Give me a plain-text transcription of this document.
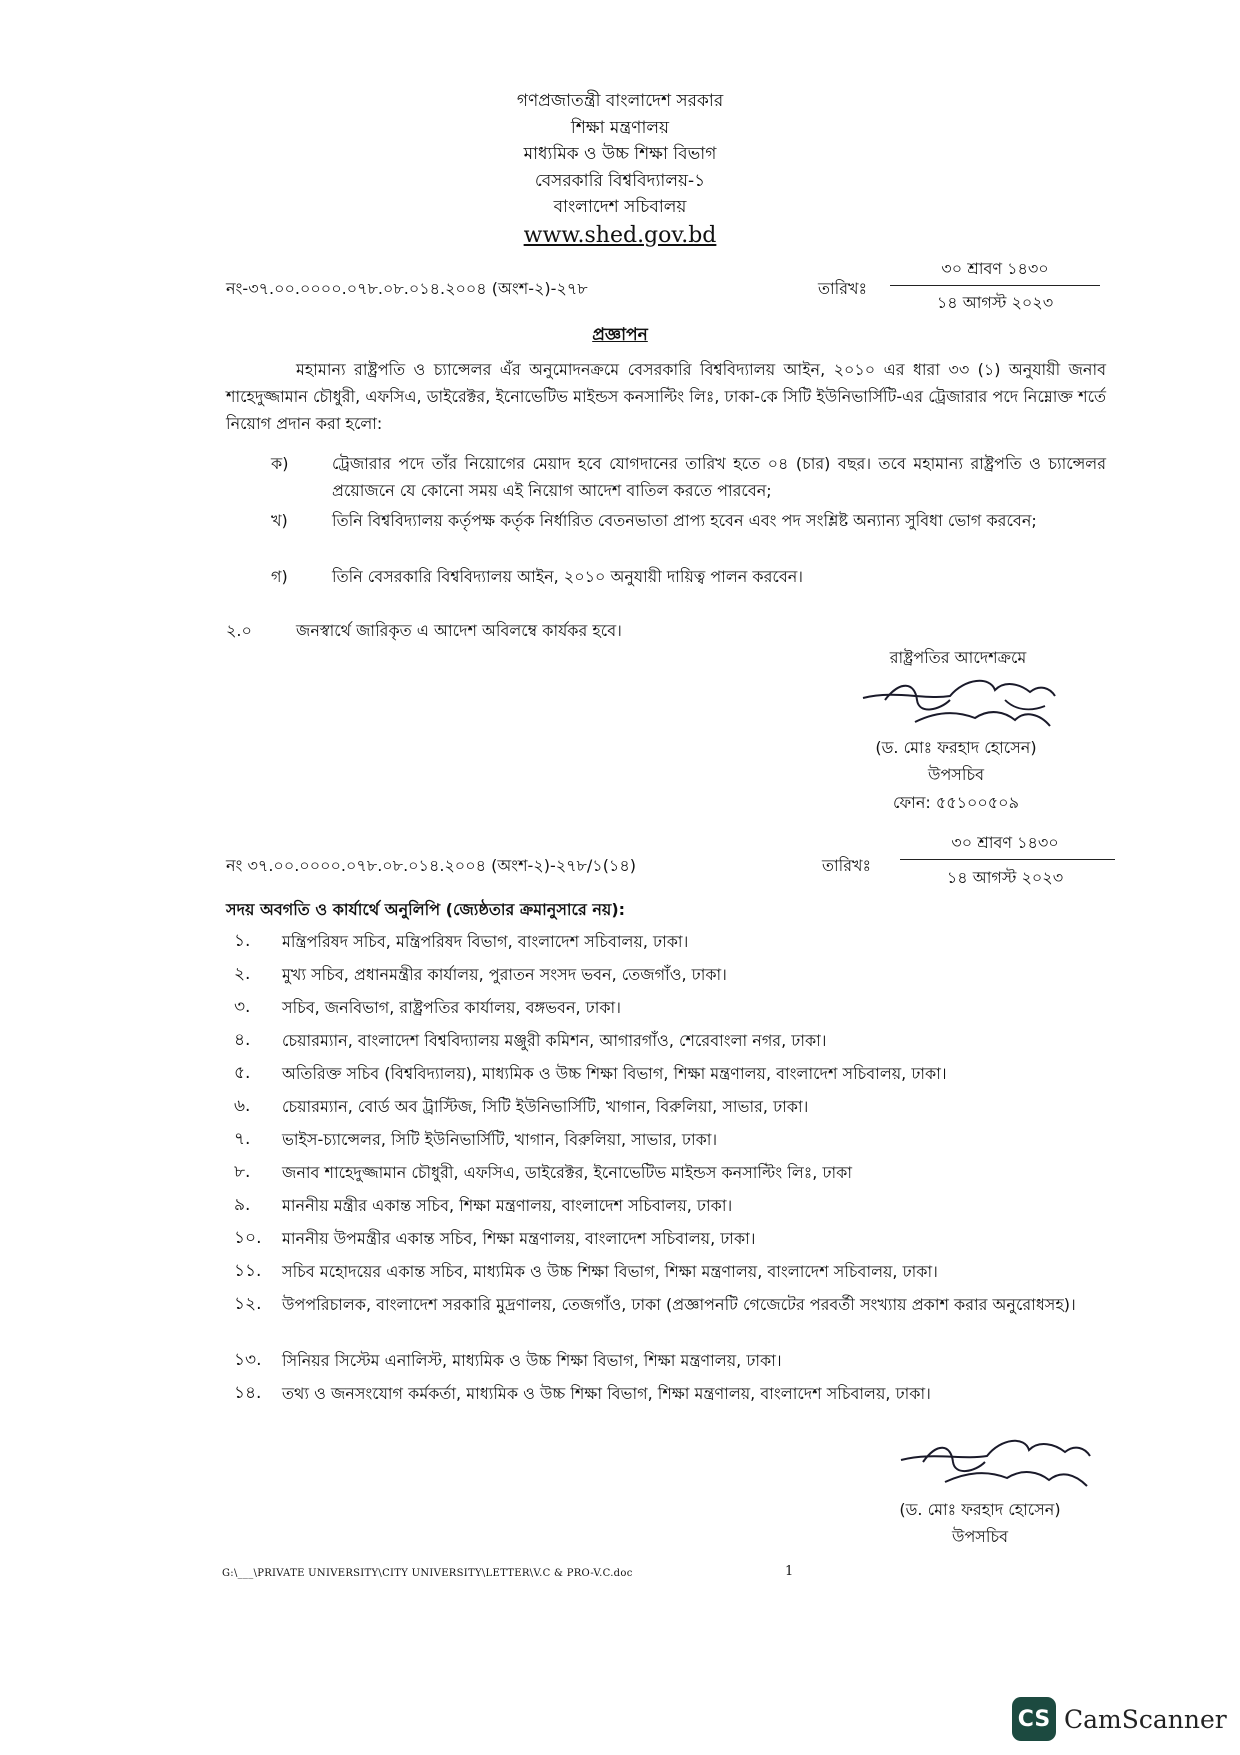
গণপ্রজাতন্ত্রী বাংলাদেশ সরকার
শিক্ষা মন্ত্রণালয়
মাধ্যমিক ও উচ্চ শিক্ষা বিভাগ
বেসরকারি বিশ্ববিদ্যালয়-১
বাংলাদেশ সচিবালয়
www.shed.gov.bd
নং-৩৭.০০.০০০০.০৭৮.০৮.০১৪.২০০৪ (অংশ-২)-২৭৮	তারিখঃ
৩০ শ্রাবণ ১৪৩০
১৪ আগস্ট ২০২৩
প্রজ্ঞাপন
মহামান্য রাষ্ট্রপতি ও চ্যান্সেলর এঁর অনুমোদনক্রমে বেসরকারি বিশ্ববিদ্যালয় আইন, ২০১০ এর ধারা ৩৩ (১) অনুযায়ী জনাব শাহেদুজ্জামান চৌধুরী, এফসিএ, ডাইরেক্টর, ইনোভেটিভ মাইন্ডস কনসাল্টিং লিঃ, ঢাকা-কে সিটি ইউনিভার্সিটি-এর ট্রেজারার পদে নিম্নোক্ত শর্তে নিয়োগ প্রদান করা হলো:
ক)	ট্রেজারার পদে তাঁর নিয়োগের মেয়াদ হবে যোগদানের তারিখ হতে ০৪ (চার) বছর। তবে মহামান্য রাষ্ট্রপতি ও চ্যান্সেলর প্রয়োজনে যে কোনো সময় এই নিয়োগ আদেশ বাতিল করতে পারবেন;
খ)	তিনি বিশ্ববিদ্যালয় কর্তৃপক্ষ কর্তৃক নির্ধারিত বেতনভাতা প্রাপ্য হবেন এবং পদ সংশ্লিষ্ট অন্যান্য সুবিধা ভোগ করবেন;
গ)	তিনি বেসরকারি বিশ্ববিদ্যালয় আইন, ২০১০ অনুযায়ী দায়িত্ব পালন করবেন।
২.০	জনস্বার্থে জারিকৃত এ আদেশ অবিলম্বে কার্যকর হবে।
রাষ্ট্রপতির আদেশক্রমে
(ড. মোঃ ফরহাদ হোসেন)
উপসচিব
ফোন: ৫৫১০০৫০৯
নং ৩৭.০০.০০০০.০৭৮.০৮.০১৪.২০০৪ (অংশ-২)-২৭৮/১(১৪)	তারিখঃ
৩০ শ্রাবণ ১৪৩০
১৪ আগস্ট ২০২৩
সদয় অবগতি ও কার্যার্থে অনুলিপি (জ্যেষ্ঠতার ক্রমানুসারে নয়):
১. মন্ত্রিপরিষদ সচিব, মন্ত্রিপরিষদ বিভাগ, বাংলাদেশ সচিবালয়, ঢাকা।
২. মুখ্য সচিব, প্রধানমন্ত্রীর কার্যালয়, পুরাতন সংসদ ভবন, তেজগাঁও, ঢাকা।
৩. সচিব, জনবিভাগ, রাষ্ট্রপতির কার্যালয়, বঙ্গভবন, ঢাকা।
৪. চেয়ারম্যান, বাংলাদেশ বিশ্ববিদ্যালয় মঞ্জুরী কমিশন, আগারগাঁও, শেরেবাংলা নগর, ঢাকা।
৫. অতিরিক্ত সচিব (বিশ্ববিদ্যালয়), মাধ্যমিক ও উচ্চ শিক্ষা বিভাগ, শিক্ষা মন্ত্রণালয়, বাংলাদেশ সচিবালয়, ঢাকা।
৬. চেয়ারম্যান, বোর্ড অব ট্রাস্টিজ, সিটি ইউনিভার্সিটি, খাগান, বিরুলিয়া, সাভার, ঢাকা।
৭. ভাইস-চ্যান্সেলর, সিটি ইউনিভার্সিটি, খাগান, বিরুলিয়া, সাভার, ঢাকা।
৮. জনাব শাহেদুজ্জামান চৌধুরী, এফসিএ, ডাইরেক্টর, ইনোভেটিভ মাইন্ডস কনসাল্টিং লিঃ, ঢাকা
৯. মাননীয় মন্ত্রীর একান্ত সচিব, শিক্ষা মন্ত্রণালয়, বাংলাদেশ সচিবালয়, ঢাকা।
১০. মাননীয় উপমন্ত্রীর একান্ত সচিব, শিক্ষা মন্ত্রণালয়, বাংলাদেশ সচিবালয়, ঢাকা।
১১. সচিব মহোদয়ের একান্ত সচিব, মাধ্যমিক ও উচ্চ শিক্ষা বিভাগ, শিক্ষা মন্ত্রণালয়, বাংলাদেশ সচিবালয়, ঢাকা।
১২. উপপরিচালক, বাংলাদেশ সরকারি মুদ্রণালয়, তেজগাঁও, ঢাকা (প্রজ্ঞাপনটি গেজেটের পরবর্তী সংখ্যায় প্রকাশ করার অনুরোধসহ)।
১৩. সিনিয়র সিস্টেম এনালিস্ট, মাধ্যমিক ও উচ্চ শিক্ষা বিভাগ, শিক্ষা মন্ত্রণালয়, ঢাকা।
১৪. তথ্য ও জনসংযোগ কর্মকর্তা, মাধ্যমিক ও উচ্চ শিক্ষা বিভাগ, শিক্ষা মন্ত্রণালয়, বাংলাদেশ সচিবালয়, ঢাকা।
(ড. মোঃ ফরহাদ হোসেন)
উপসচিব
G:\___\PRIVATE UNIVERSITY\CITY UNIVERSITY\LETTER\V.C & PRO-V.C.doc	1
CS CamScanner
